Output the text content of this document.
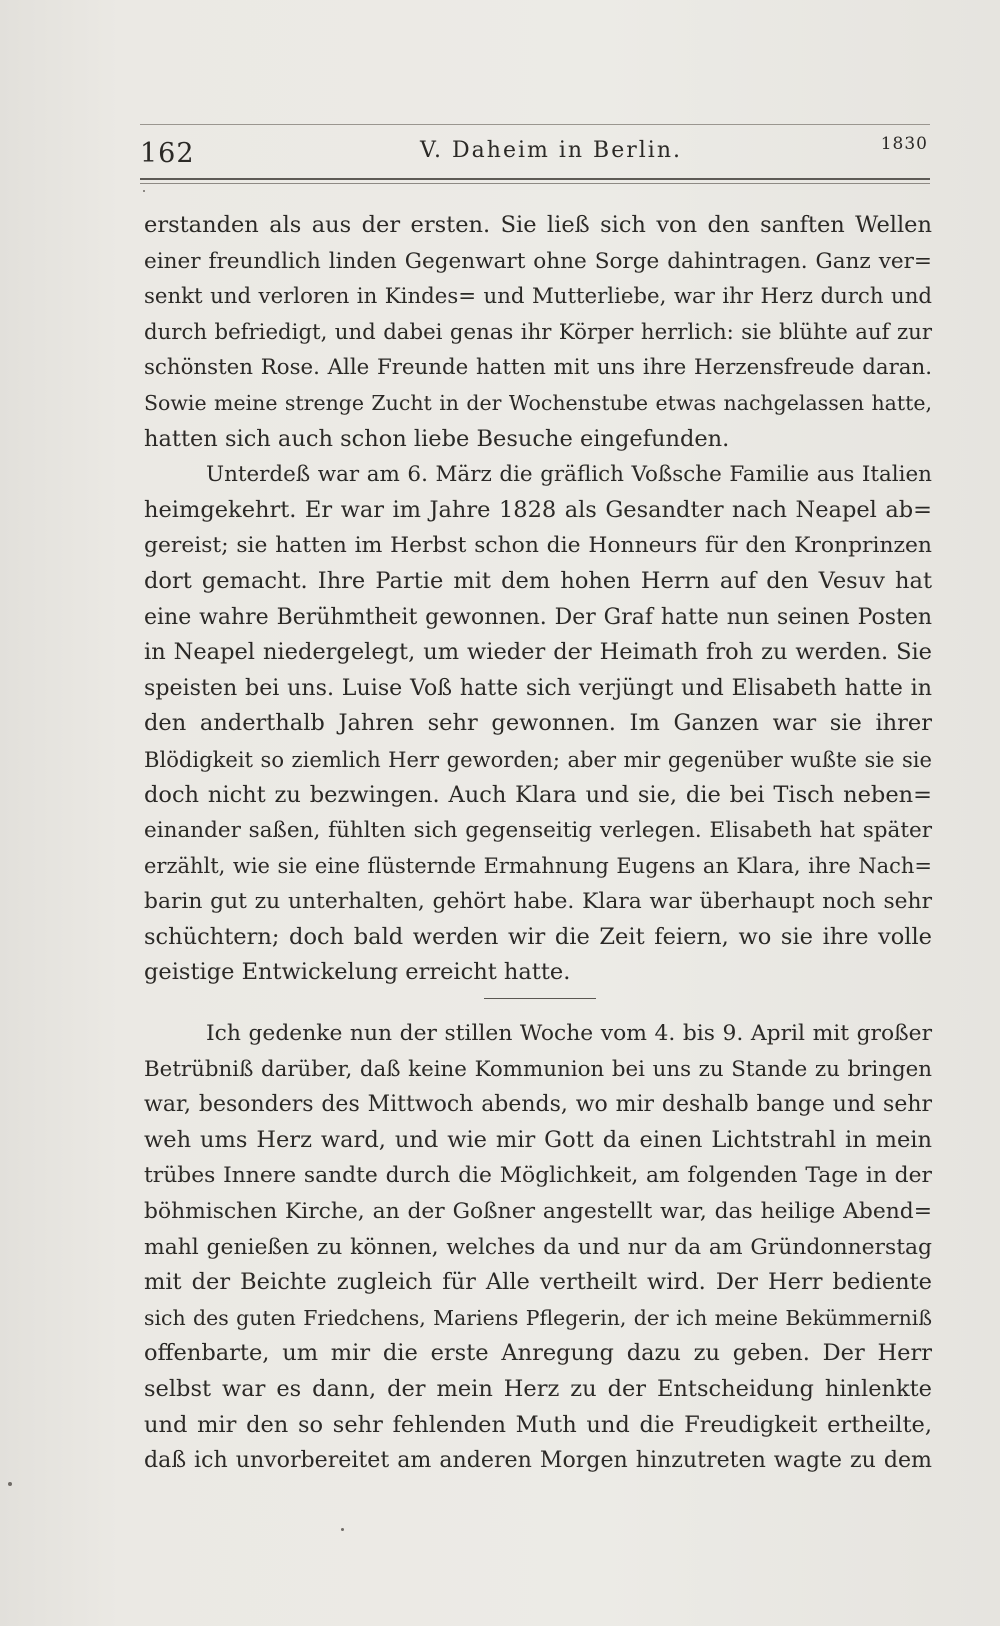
162	V. Daheim in Berlin.	1830
erstanden als aus der ersten. Sie ließ sich von den sanften Wellen
einer freundlich linden Gegenwart ohne Sorge dahintragen. Ganz ver=
senkt und verloren in Kindes= und Mutterliebe, war ihr Herz durch und
durch befriedigt, und dabei genas ihr Körper herrlich: sie blühte auf zur
schönsten Rose. Alle Freunde hatten mit uns ihre Herzensfreude daran.
Sowie meine strenge Zucht in der Wochenstube etwas nachgelassen hatte,
hatten sich auch schon liebe Besuche eingefunden.
Unterdeß war am 6. März die gräflich Voßsche Familie aus Italien
heimgekehrt. Er war im Jahre 1828 als Gesandter nach Neapel ab=
gereist; sie hatten im Herbst schon die Honneurs für den Kronprinzen
dort gemacht. Ihre Partie mit dem hohen Herrn auf den Vesuv hat
eine wahre Berühmtheit gewonnen. Der Graf hatte nun seinen Posten
in Neapel niedergelegt, um wieder der Heimath froh zu werden. Sie
speisten bei uns. Luise Voß hatte sich verjüngt und Elisabeth hatte in
den anderthalb Jahren sehr gewonnen. Im Ganzen war sie ihrer
Blödigkeit so ziemlich Herr geworden; aber mir gegenüber wußte sie sie
doch nicht zu bezwingen. Auch Klara und sie, die bei Tisch neben=
einander saßen, fühlten sich gegenseitig verlegen. Elisabeth hat später
erzählt, wie sie eine flüsternde Ermahnung Eugens an Klara, ihre Nach=
barin gut zu unterhalten, gehört habe. Klara war überhaupt noch sehr
schüchtern; doch bald werden wir die Zeit feiern, wo sie ihre volle
geistige Entwickelung erreicht hatte.
Ich gedenke nun der stillen Woche vom 4. bis 9. April mit großer
Betrübniß darüber, daß keine Kommunion bei uns zu Stande zu bringen
war, besonders des Mittwoch abends, wo mir deshalb bange und sehr
weh ums Herz ward, und wie mir Gott da einen Lichtstrahl in mein
trübes Innere sandte durch die Möglichkeit, am folgenden Tage in der
böhmischen Kirche, an der Goßner angestellt war, das heilige Abend=
mahl genießen zu können, welches da und nur da am Gründonnerstag
mit der Beichte zugleich für Alle vertheilt wird. Der Herr bediente
sich des guten Friedchens, Mariens Pflegerin, der ich meine Bekümmerniß
offenbarte, um mir die erste Anregung dazu zu geben. Der Herr
selbst war es dann, der mein Herz zu der Entscheidung hinlenkte
und mir den so sehr fehlenden Muth und die Freudigkeit ertheilte,
daß ich unvorbereitet am anderen Morgen hinzutreten wagte zu dem
